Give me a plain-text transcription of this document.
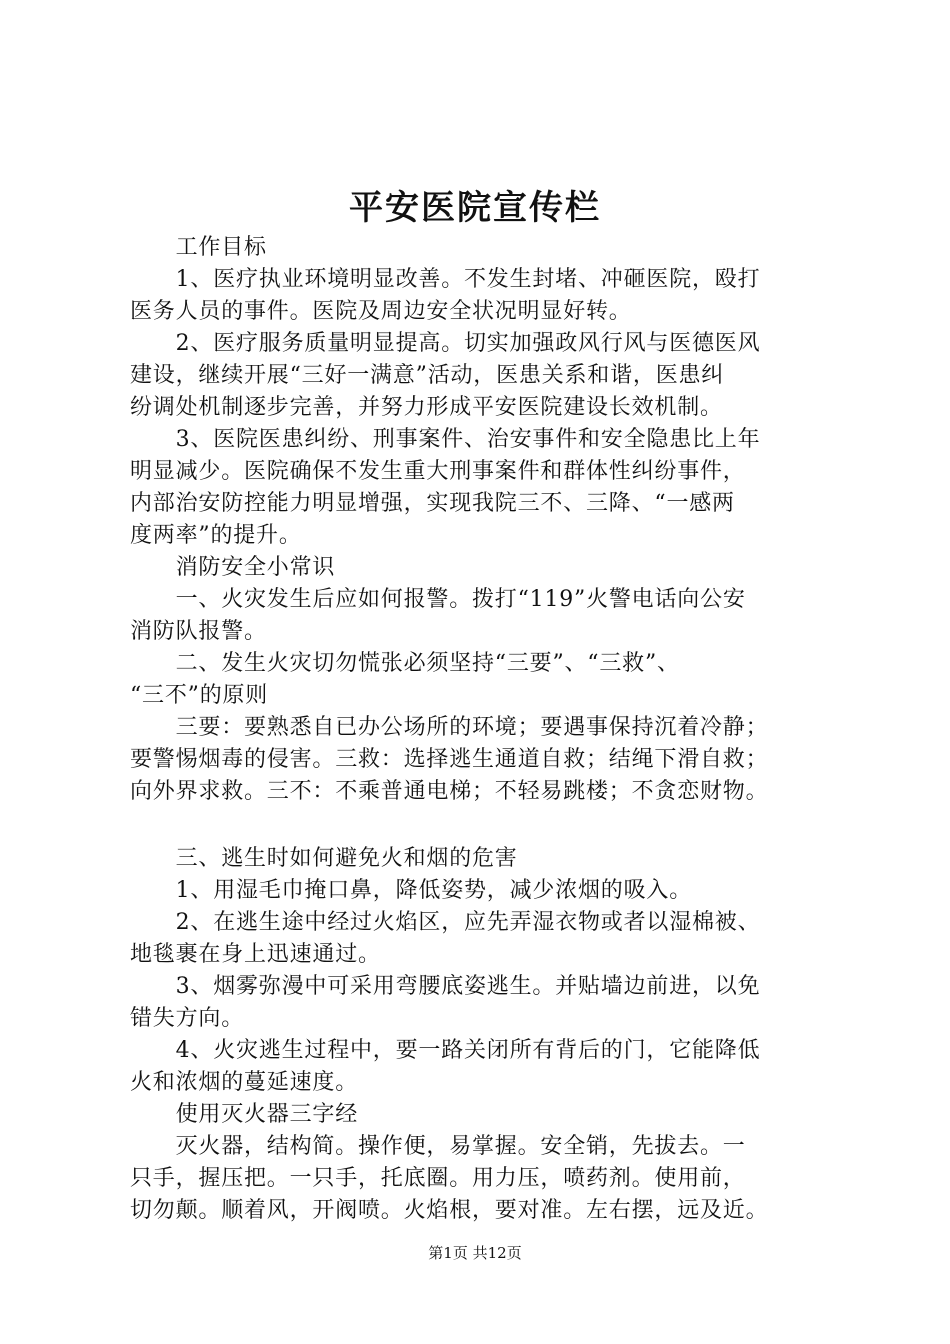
平安医院宣传栏
　　工作目标
　　1、医疗执业环境明显改善。不发生封堵、冲砸医院，殴打
医务人员的事件。医院及周边安全状况明显好转。
　　2、医疗服务质量明显提高。切实加强政风行风与医德医风
建设，继续开展“三好一满意”活动，医患关系和谐，医患纠
纷调处机制逐步完善，并努力形成平安医院建设长效机制。
　　3、医院医患纠纷、刑事案件、治安事件和安全隐患比上年
明显减少。医院确保不发生重大刑事案件和群体性纠纷事件，
内部治安防控能力明显增强，实现我院三不、三降、“一感两
度两率”的提升。
　　消防安全小常识
　　一、火灾发生后应如何报警。拨打“119”火警电话向公安
消防队报警。
　　二、发生火灾切勿慌张必须坚持“三要”、“三救”、
“三不”的原则
　　三要：要熟悉自已办公场所的环境；要遇事保持沉着冷静；
要警惕烟毒的侵害。三救：选择逃生通道自救；结绳下滑自救；
向外界求救。三不：不乘普通电梯；不轻易跳楼；不贪恋财物。
　　三、逃生时如何避免火和烟的危害
　　1、用湿毛巾掩口鼻，降低姿势，减少浓烟的吸入。
　　2、在逃生途中经过火焰区，应先弄湿衣物或者以湿棉被、
地毯裹在身上迅速通过。
　　3、烟雾弥漫中可采用弯腰底姿逃生。并贴墙边前进，以免
错失方向。
　　4、火灾逃生过程中，要一路关闭所有背后的门，它能降低
火和浓烟的蔓延速度。
　　使用灭火器三字经
　　灭火器，结构简。操作便，易掌握。安全销，先拔去。一
只手，握压把。一只手，托底圈。用力压，喷药剂。使用前，
切勿颠。顺着风，开阀喷。火焰根，要对准。左右摆，远及近。
第1页 共12页
